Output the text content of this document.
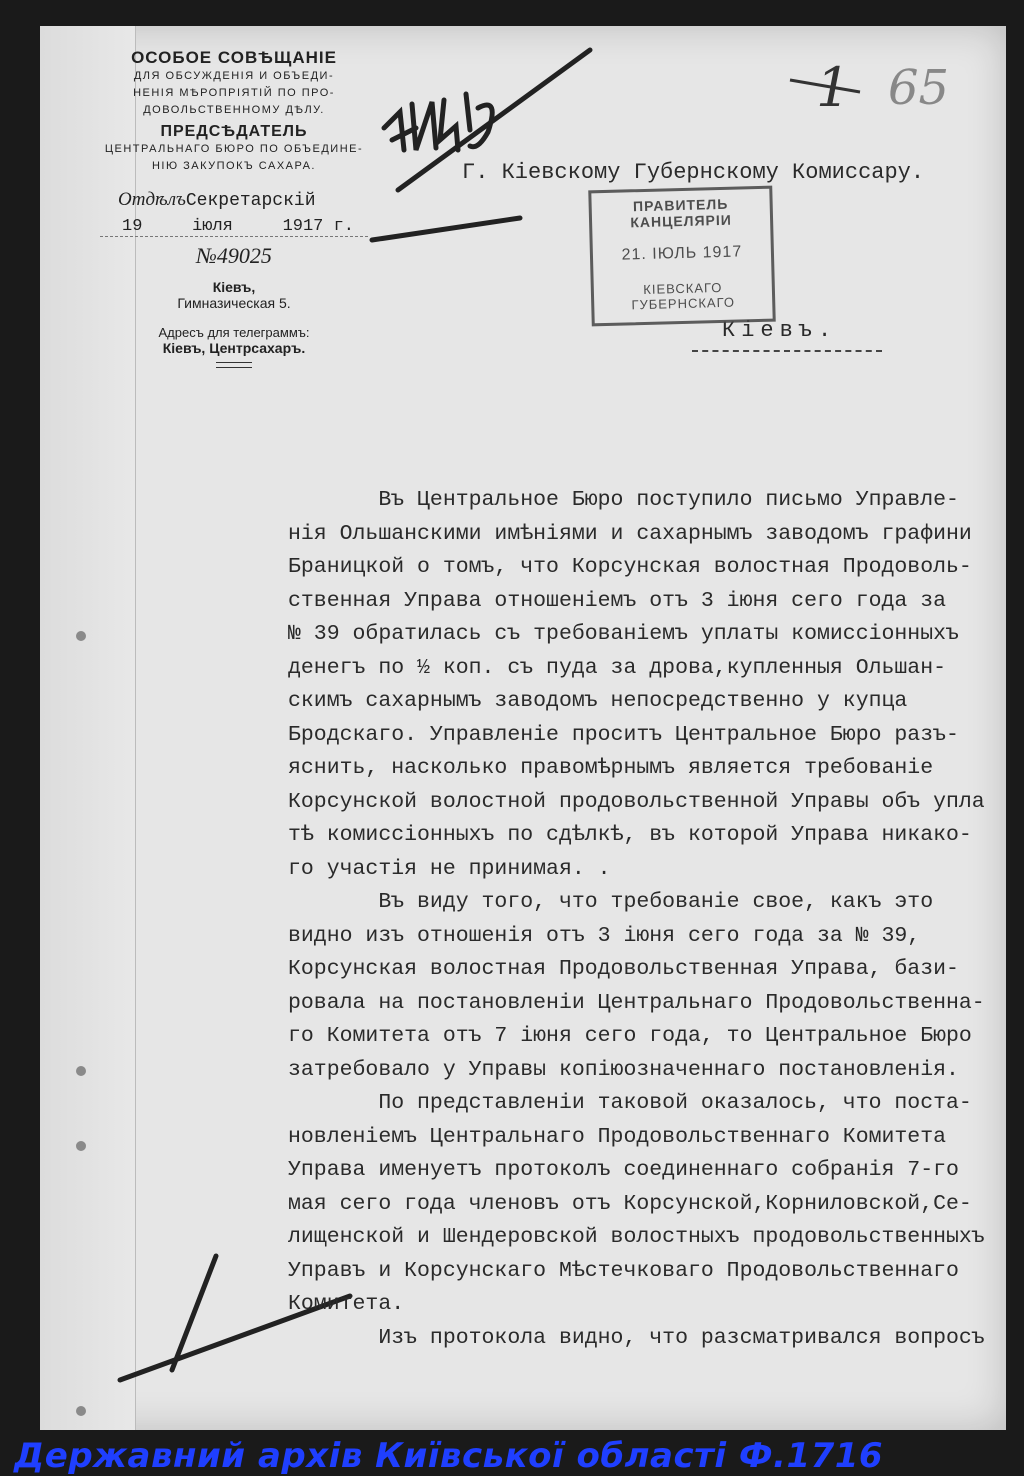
ОСОБОЕ СОВѢЩАНІЕ
ДЛЯ ОБСУЖДЕНІЯ И ОБЪЕДИ-
НЕНІЯ МѢРОПРІЯТІЙ ПО ПРО-
ДОВОЛЬСТВЕННОМУ ДѢЛУ.
ПРЕДСѢДАТЕЛЬ
ЦЕНТРАЛЬНАГО БЮРО ПО ОБЪЕДИНЕ-
НІЮ ЗАКУПОКЪ САХАРА.
ОтдѣлъСекретарскій
19	іюля	1917 г.
№49025
Кіевъ,
Гимназическая 5.
Адресъ для телеграммъ:
Кіевъ, Центрсахаръ.
Г. Кіевскому Губернскому Комиссару.
Кіевъ.
ПРАВИТЕЛЬ КАНЦЕЛЯРІИ
21. ІЮЛЬ 1917
КІЕВСКАГО ГУБЕРНСКАГО
1 65

Въ Центральное Бюро поступило письмо Управле-

нія Ольшанскими имѣніями и сахарнымъ заводомъ графини

Браницкой о томъ, что Корсунская волостная Продоволь-

ственная Управа отношеніемъ отъ 3 іюня сего года за

№ 39 обратилась съ требованіемъ уплаты комиссіонныхъ

денегъ по ½ коп. съ пуда за дрова,купленныя Ольшан-

скимъ сахарнымъ заводомъ непосредственно у купца

Бродскаго. Управленіе проситъ Центральное Бюро разъ-

яснить, насколько правомѣрнымъ является требованіе

Корсунской волостной продовольственной Управы объ упла

тѣ комиссіонныхъ по сдѣлкѣ, въ которой Управа никако-

го участія не принимая. .

Въ виду того, что требованіе свое, какъ это

видно изъ отношенія отъ 3 іюня сего года за № 39,

Корсунская волостная Продовольственная Управа, бази-

ровала на постановленіи Центральнаго Продовольственна-

го Комитета отъ 7 іюня сего года, то Центральное Бюро

затребовало у Управы копіюозначеннаго постановленія.

По представленіи таковой оказалось, что поста-

новленіемъ Центральнаго Продовольственнаго Комитета

Управа именуетъ протоколъ соединеннаго собранія 7-го

мая сего года членовъ отъ Корсунской,Корниловской,Се-

лищенской и Шендеровской волостныхъ продовольственныхъ

Управъ и Корсунскаго Мѣстечковаго Продовольственнаго

Комитета.

Изъ протокола видно, что разсматривался вопросъ

Державний архів Київської області Ф.1716
